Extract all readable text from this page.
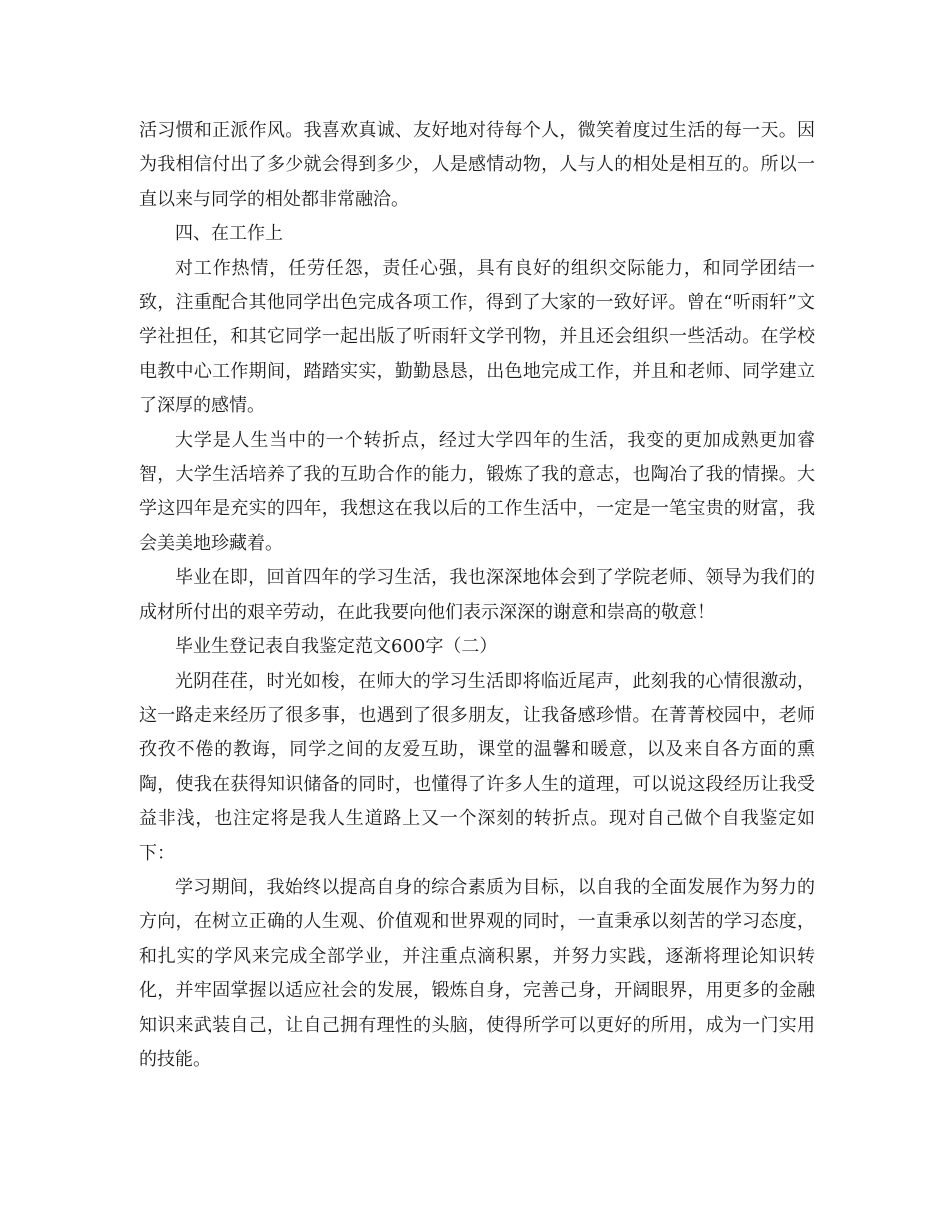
活习惯和正派作风。我喜欢真诚、友好地对待每个人，微笑着度过生活的每一天。因为我相信付出了多少就会得到多少，人是感情动物，人与人的相处是相互的。所以一直以来与同学的相处都非常融洽。

四、在工作上

对工作热情，任劳任怨，责任心强，具有良好的组织交际能力，和同学团结一致，注重配合其他同学出色完成各项工作，得到了大家的一致好评。曾在“听雨轩”文学社担任，和其它同学一起出版了听雨轩文学刊物，并且还会组织一些活动。在学校电教中心工作期间，踏踏实实，勤勤恳恳，出色地完成工作，并且和老师、同学建立了深厚的感情。

大学是人生当中的一个转折点，经过大学四年的生活，我变的更加成熟更加睿智，大学生活培养了我的互助合作的能力，锻炼了我的意志，也陶冶了我的情操。大学这四年是充实的四年，我想这在我以后的工作生活中，一定是一笔宝贵的财富，我会美美地珍藏着。

毕业在即，回首四年的学习生活，我也深深地体会到了学院老师、领导为我们的成材所付出的艰辛劳动，在此我要向他们表示深深的谢意和崇高的敬意！

毕业生登记表自我鉴定范文600字（二）

光阴荏荏，时光如梭，在师大的学习生活即将临近尾声，此刻我的心情很激动，这一路走来经历了很多事，也遇到了很多朋友，让我备感珍惜。在菁菁校园中，老师孜孜不倦的教诲，同学之间的友爱互助，课堂的温馨和暖意，以及来自各方面的熏陶，使我在获得知识储备的同时，也懂得了许多人生的道理，可以说这段经历让我受益非浅，也注定将是我人生道路上又一个深刻的转折点。现对自己做个自我鉴定如下：

学习期间，我始终以提高自身的综合素质为目标，以自我的全面发展作为努力的方向，在树立正确的人生观、价值观和世界观的同时，一直秉承以刻苦的学习态度，和扎实的学风来完成全部学业，并注重点滴积累，并努力实践，逐渐将理论知识转化，并牢固掌握以适应社会的发展，锻炼自身，完善己身，开阔眼界，用更多的金融知识来武装自己，让自己拥有理性的头脑，使得所学可以更好的所用，成为一门实用的技能。
